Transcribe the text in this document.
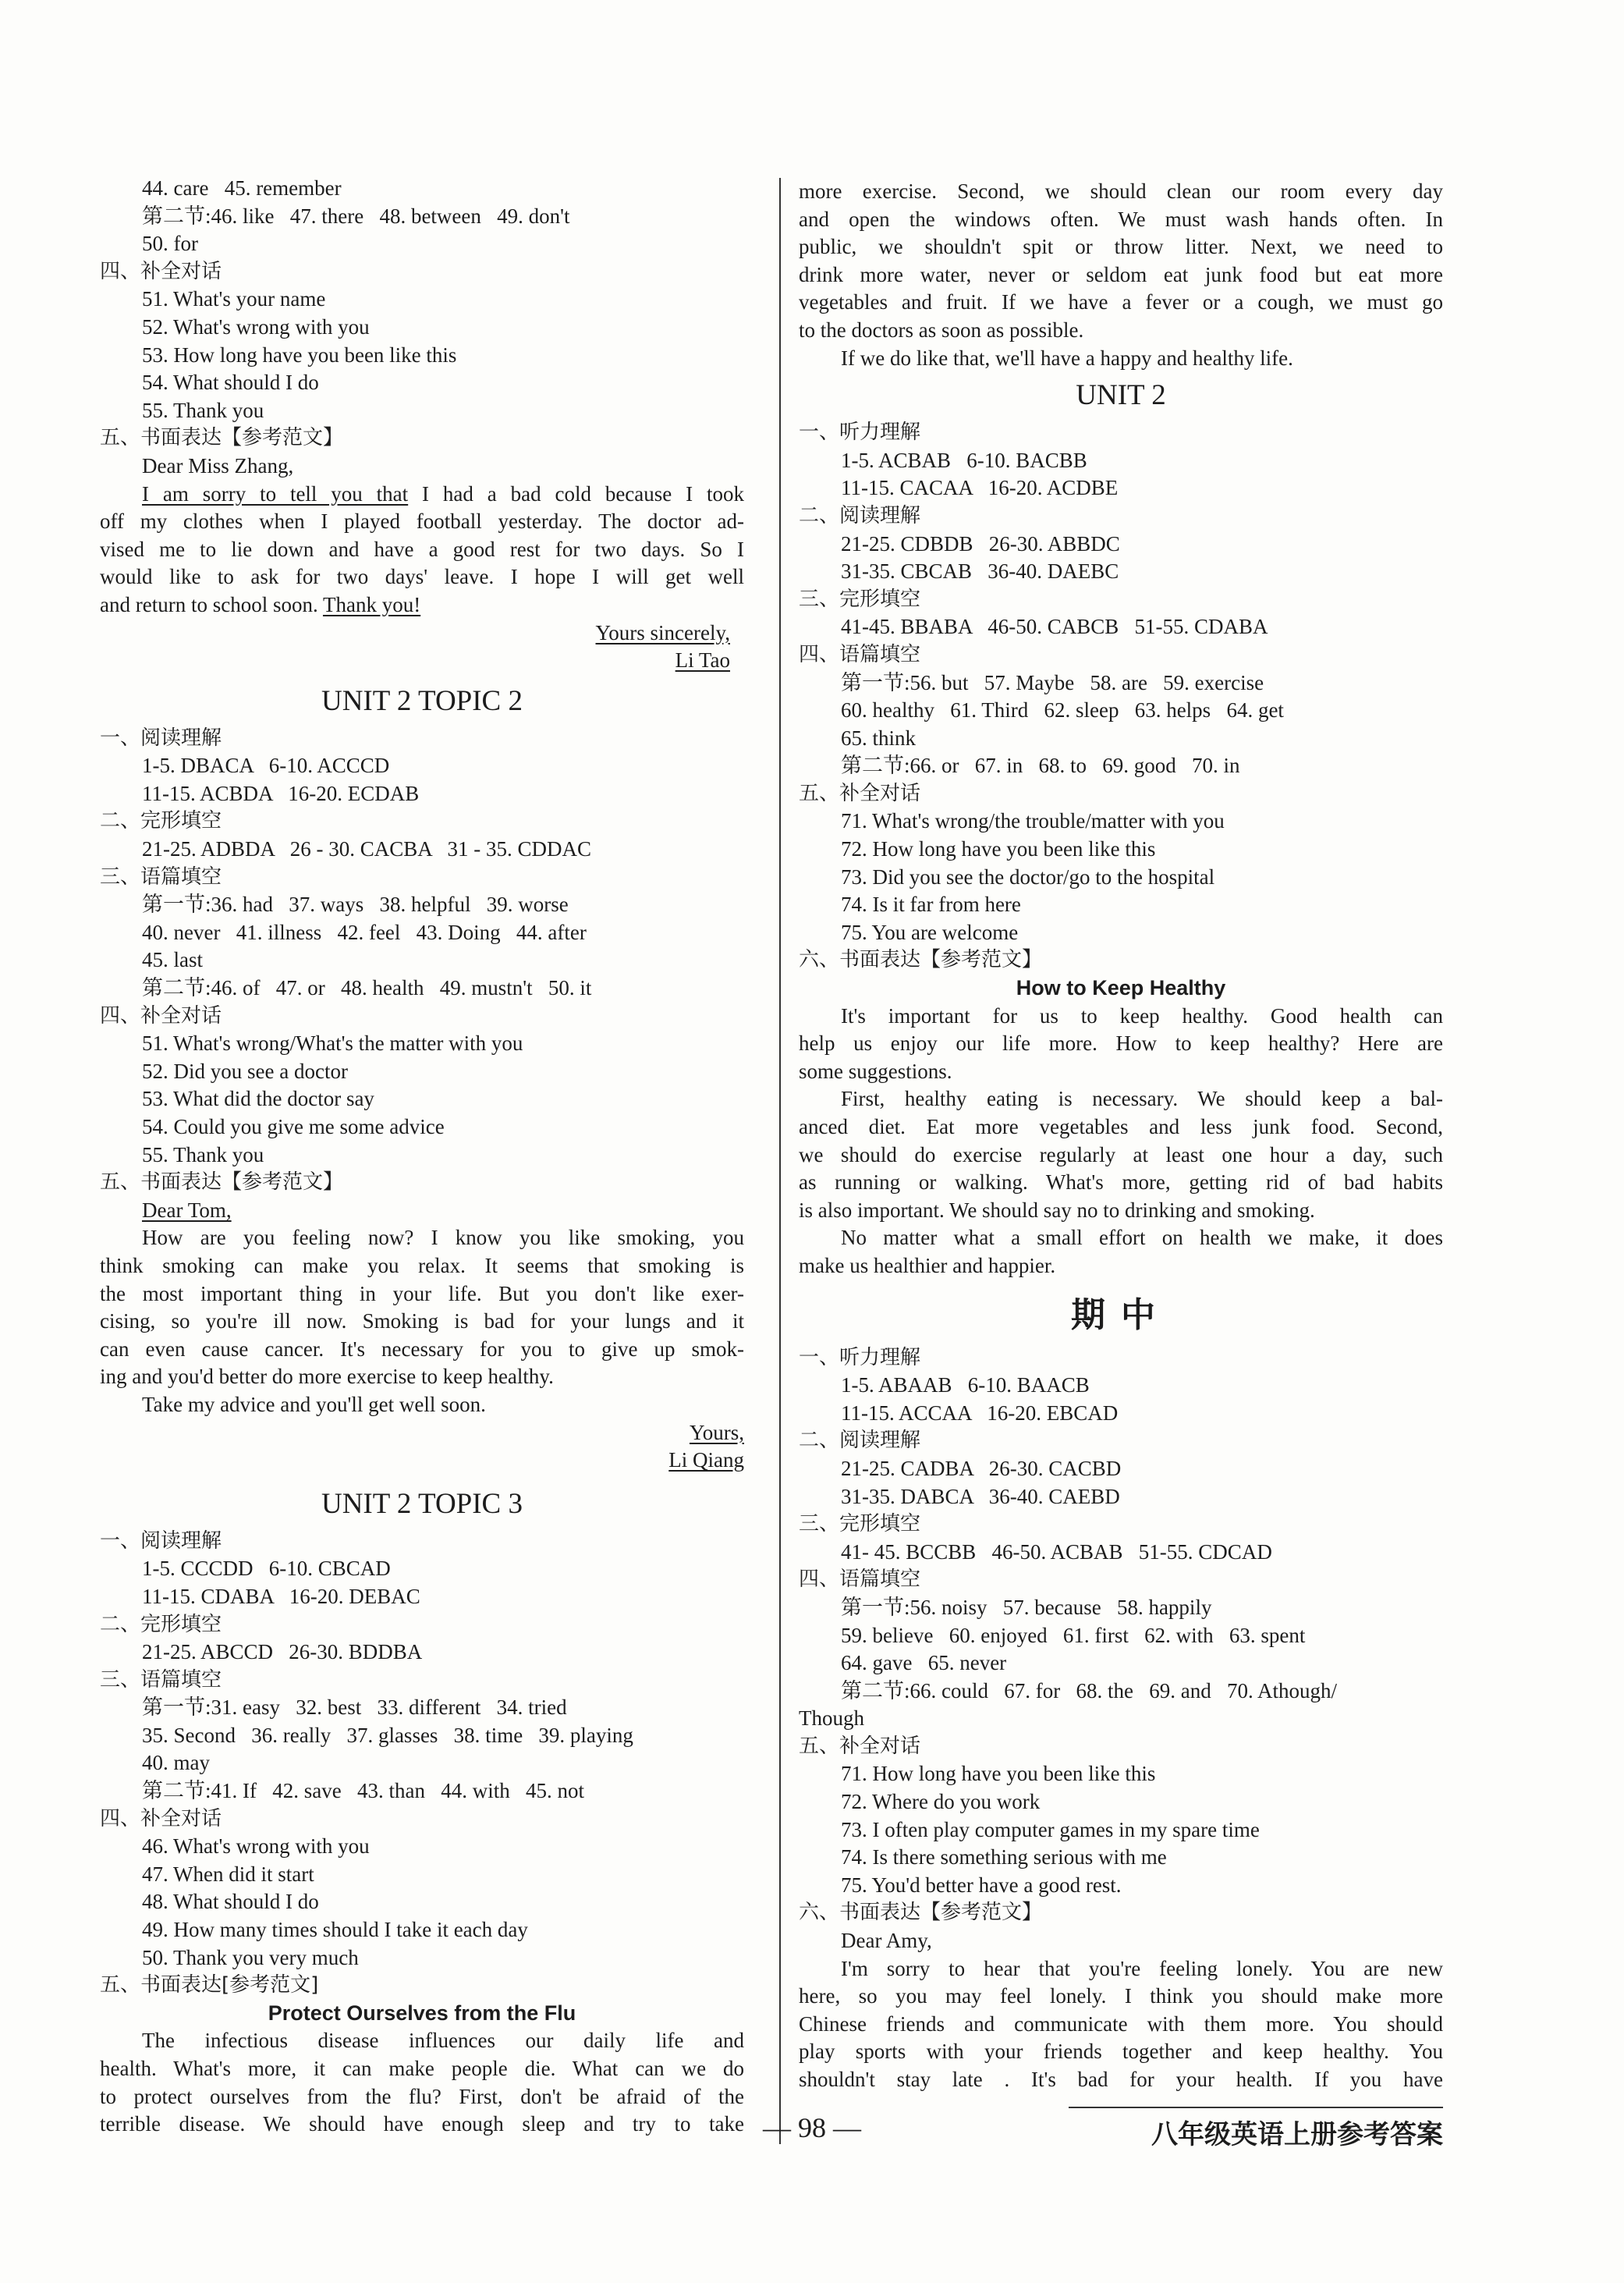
44. care   45. remember
第二节:46. like   47. there   48. between   49. don't
50. for
四、补全对话
51. What's your name
52. What's wrong with you
53. How long have you been like this
54. What should I do
55. Thank you
五、书面表达【参考范文】
Dear Miss Zhang,
I am sorry to tell you that I had a bad cold because I took
off my clothes when I played football yesterday. The doctor ad-
vised me to lie down and have a good rest for two days. So I
would like to ask for two days' leave. I hope I will get well
and return to school soon. Thank you!
Yours sincerely,
Li Tao
UNIT 2 TOPIC 2
一、阅读理解
1-5. DBACA   6-10. ACCCD
11-15. ACBDA   16-20. ECDAB
二、完形填空
21-25. ADBDA   26 - 30. CACBA   31 - 35. CDDAC
三、语篇填空
第一节:36. had   37. ways   38. helpful   39. worse
40. never   41. illness   42. feel   43. Doing   44. after
45. last
第二节:46. of   47. or   48. health   49. mustn't   50. it
四、补全对话
51. What's wrong/What's the matter with you
52. Did you see a doctor
53. What did the doctor say
54. Could you give me some advice
55. Thank you
五、书面表达【参考范文】
Dear Tom,
How are you feeling now? I know you like smoking, you
think smoking can make you relax. It seems that smoking is
the most important thing in your life. But you don't like exer-
cising, so you're ill now. Smoking is bad for your lungs and it
can even cause cancer. It's necessary for you to give up smok-
ing and you'd better do more exercise to keep healthy.
Take my advice and you'll get well soon.
Yours,
Li Qiang
UNIT 2 TOPIC 3
一、阅读理解
1-5. CCCDD   6-10. CBCAD
11-15. CDABA   16-20. DEBAC
二、完形填空
21-25. ABCCD   26-30. BDDBA
三、语篇填空
第一节:31. easy   32. best   33. different   34. tried
35. Second   36. really   37. glasses   38. time   39. playing
40. may
第二节:41. If   42. save   43. than   44. with   45. not
四、补全对话
46. What's wrong with you
47. When did it start
48. What should I do
49. How many times should I take it each day
50. Thank you very much
五、书面表达[参考范文]
Protect Ourselves from the Flu
The infectious disease influences our daily life and
health. What's more, it can make people die. What can we do
to protect ourselves from the flu? First, don't be afraid of the
terrible disease. We should have enough sleep and try to take
more exercise. Second, we should clean our room every day
and open the windows often. We must wash hands often. In
public, we shouldn't spit or throw litter. Next, we need to
drink more water, never or seldom eat junk food but eat more
vegetables and fruit. If we have a fever or a cough, we must go
to the doctors as soon as possible.
If we do like that, we'll have a happy and healthy life.
UNIT 2
一、听力理解
1-5. ACBAB   6-10. BACBB
11-15. CACAA   16-20. ACDBE
二、阅读理解
21-25. CDBDB   26-30. ABBDC
31-35. CBCAB   36-40. DAEBC
三、完形填空
41-45. BBABA   46-50. CABCB   51-55. CDABA
四、语篇填空
第一节:56. but   57. Maybe   58. are   59. exercise
60. healthy   61. Third   62. sleep   63. helps   64. get
65. think
第二节:66. or   67. in   68. to   69. good   70. in
五、补全对话
71. What's wrong/the trouble/matter with you
72. How long have you been like this
73. Did you see the doctor/go to the hospital
74. Is it far from here
75. You are welcome
六、书面表达【参考范文】
How to Keep Healthy
It's important for us to keep healthy. Good health can
help us enjoy our life more. How to keep healthy? Here are
some suggestions.
First, healthy eating is necessary. We should keep a bal-
anced diet. Eat more vegetables and less junk food. Second,
we should do exercise regularly at least one hour a day, such
as running or walking. What's more, getting rid of bad habits
is also important. We should say no to drinking and smoking.
No matter what a small effort on health we make, it does
make us healthier and happier.
期中
一、听力理解
1-5. ABAAB   6-10. BAACB
11-15. ACCAA   16-20. EBCAD
二、阅读理解
21-25. CADBA   26-30. CACBD
31-35. DABCA   36-40. CAEBD
三、完形填空
41- 45. BCCBB   46-50. ACBAB   51-55. CDCAD
四、语篇填空
第一节:56. noisy   57. because   58. happily
59. believe   60. enjoyed   61. first   62. with   63. spent
64. gave   65. never
第二节:66. could   67. for   68. the   69. and   70. Athough/
Though
五、补全对话
71. How long have you been like this
72. Where do you work
73. I often play computer games in my spare time
74. Is there something serious with me
75. You'd better have a good rest.
六、书面表达【参考范文】
Dear Amy,
I'm sorry to hear that you're feeling lonely. You are new
here, so you may feel lonely. I think you should make more
Chinese friends and communicate with them more. You should
play sports with your friends together and keep healthy. You
shouldn't stay late . It's bad for your health. If you have
— 98 —	八年级英语上册参考答案
